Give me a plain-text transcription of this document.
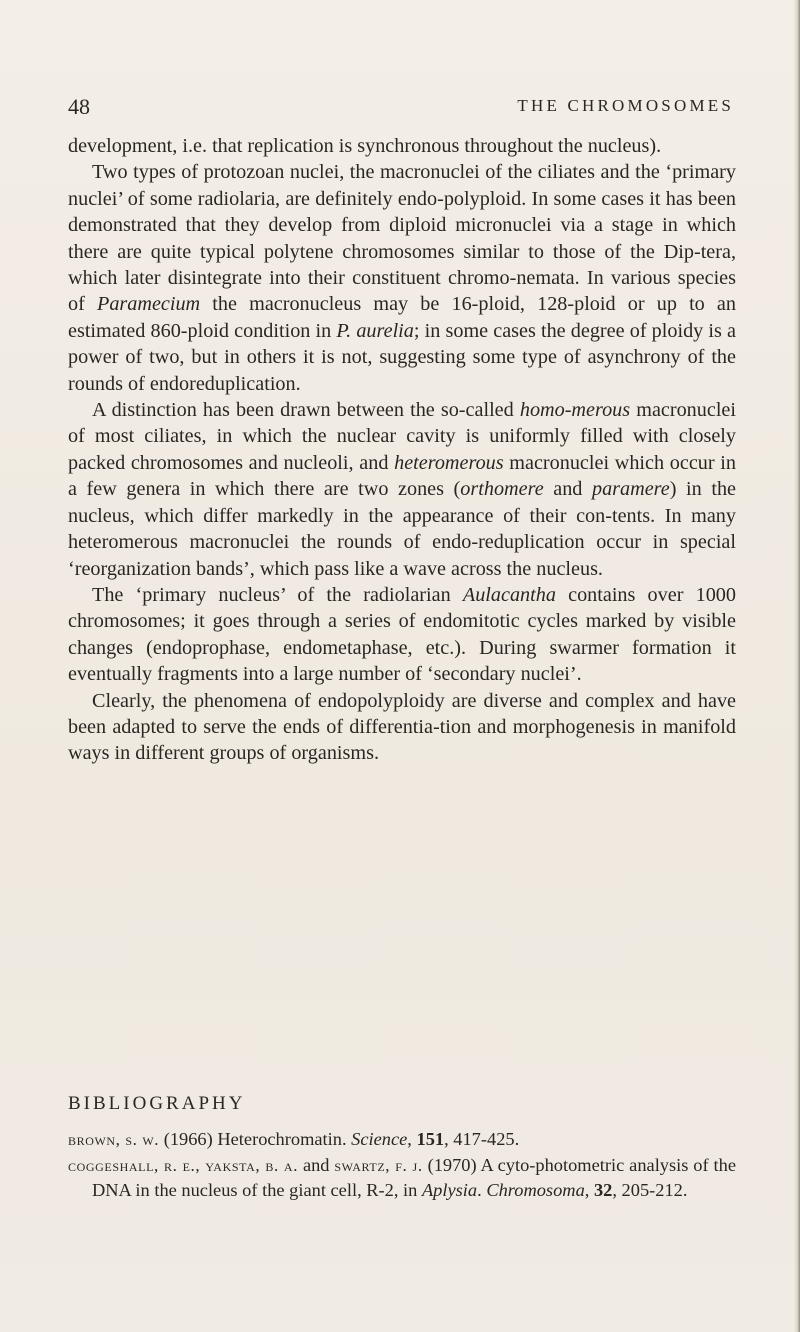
48	THE CHROMOSOMES

development, i.e. that replication is synchronous throughout the nucleus).

Two types of protozoan nuclei, the macronuclei of the ciliates and the ‘primary nuclei’ of some radiolaria, are definitely endo-polyploid. In some cases it has been demonstrated that they develop from diploid micronuclei via a stage in which there are quite typical polytene chromosomes similar to those of the Dip-tera, which later disintegrate into their constituent chromo-nemata. In various species of Paramecium the macronucleus may be 16-ploid, 128-ploid or up to an estimated 860-ploid condition in P. aurelia; in some cases the degree of ploidy is a power of two, but in others it is not, suggesting some type of asynchrony of the rounds of endoreduplication.

A distinction has been drawn between the so-called homo-merous macronuclei of most ciliates, in which the nuclear cavity is uniformly filled with closely packed chromosomes and nucleoli, and heteromerous macronuclei which occur in a few genera in which there are two zones (orthomere and paramere) in the nucleus, which differ markedly in the appearance of their con-tents. In many heteromerous macronuclei the rounds of endo-reduplication occur in special ‘reorganization bands’, which pass like a wave across the nucleus.

The ‘primary nucleus’ of the radiolarian Aulacantha contains over 1000 chromosomes; it goes through a series of endomitotic cycles marked by visible changes (endoprophase, endometaphase, etc.). During swarmer formation it eventually fragments into a large number of ‘secondary nuclei’.

Clearly, the phenomena of endopolyploidy are diverse and complex and have been adapted to serve the ends of differentia-tion and morphogenesis in manifold ways in different groups of organisms.

BIBLIOGRAPHY

brown, s. w. (1966) Heterochromatin. Science, 151, 417-425.

coggeshall, r. e., yaksta, b. a. and swartz, f. j. (1970) A cyto-photometric analysis of the DNA in the nucleus of the giant cell, R-2, in Aplysia. Chromosoma, 32, 205-212.
